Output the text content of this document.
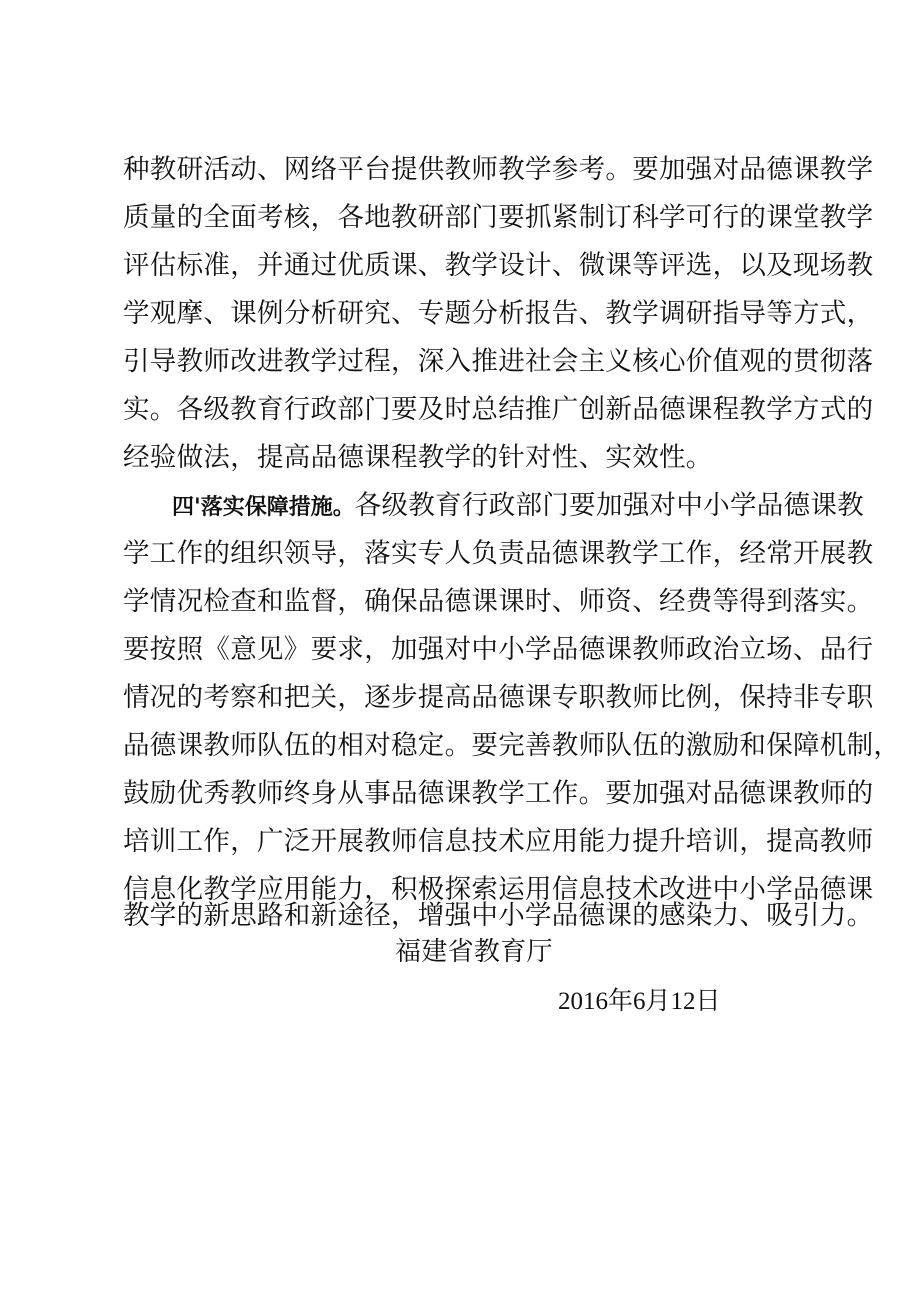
种教研活动、网络平台提供教师教学参考。要加强对品德课教学
质量的全面考核，各地教研部门要抓紧制订科学可行的课堂教学
评估标准，并通过优质课、教学设计、微课等评选，以及现场教
学观摩、课例分析研究、专题分析报告、教学调研指导等方式，
引导教师改进教学过程，深入推进社会主义核心价值观的贯彻落
实。各级教育行政部门要及时总结推广创新品德课程教学方式的
经验做法，提高品德课程教学的针对性、实效性。
四'落实保障措施。各级教育行政部门要加强对中小学品德课教
学工作的组织领导，落实专人负责品德课教学工作，经常开展教
学情况检查和监督，确保品德课课时、师资、经费等得到落实。
要按照《意见》要求，加强对中小学品德课教师政治立场、品行
情况的考察和把关，逐步提高品德课专职教师比例，保持非专职
品德课教师队伍的相对稳定。要完善教师队伍的激励和保障机制，
鼓励优秀教师终身从事品德课教学工作。要加强对品德课教师的
培训工作，广泛开展教师信息技术应用能力提升培训，提高教师
信息化教学应用能力，积极探索运用信息技术改进中小学品德课
教学的新思路和新途径，增强中小学品德课的感染力、吸引力。
福建省教育厅
2016年6月12日
